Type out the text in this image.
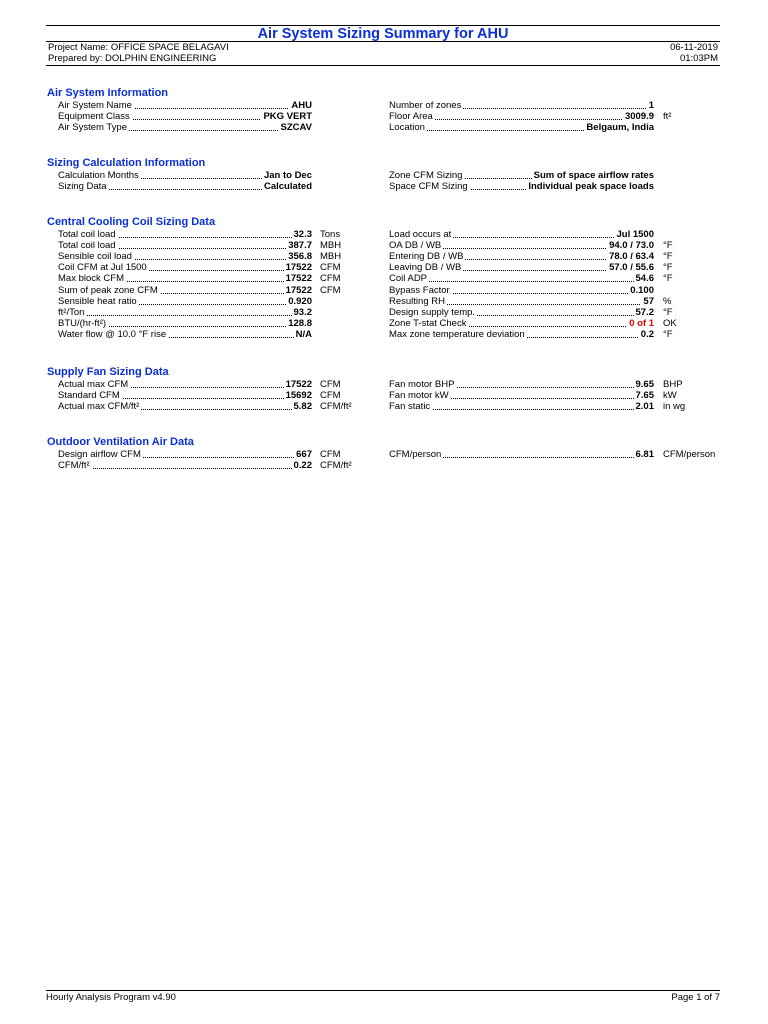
Air System Sizing Summary for AHU
Project Name: OFFICE SPACE BELAGAVI	06-11-2019
Prepared by: DOLPHIN ENGINEERING	01:03PM
Air System Information
Air System Name	AHU
Equipment Class	PKG VERT
Air System Type	SZCAV
Number of zones	1
Floor Area	3009.9 ft²
Location	Belgaum, India
Sizing Calculation Information
Calculation Months	Jan to Dec
Sizing Data	Calculated
Zone CFM Sizing	Sum of space airflow rates
Space CFM Sizing	Individual peak space loads
Central Cooling Coil Sizing Data
Total coil load	32.3 Tons
Total coil load	387.7 MBH
Sensible coil load	356.8 MBH
Coil CFM at Jul 1500	17522 CFM
Max block CFM	17522 CFM
Sum of peak zone CFM	17522 CFM
Sensible heat ratio	0.920
ft²/Ton	93.2
BTU/(hr-ft²)	128.8
Water flow @ 10.0 °F rise	N/A
Load occurs at	Jul 1500
OA DB / WB	94.0 / 73.0 °F
Entering DB / WB	78.0 / 63.4 °F
Leaving DB / WB	57.0 / 55.6 °F
Coil ADP	54.6 °F
Bypass Factor	0.100
Resulting RH	57 %
Design supply temp.	57.2 °F
Zone T-stat Check	0 of 1 OK
Max zone temperature deviation	0.2 °F
Supply Fan Sizing Data
Actual max CFM	17522 CFM
Standard CFM	15692 CFM
Actual max CFM/ft²	5.82 CFM/ft²
Fan motor BHP	9.65 BHP
Fan motor kW	7.65 kW
Fan static	2.01 in wg
Outdoor Ventilation Air Data
Design airflow CFM	667 CFM
CFM/ft²	0.22 CFM/ft²
CFM/person	6.81 CFM/person
Hourly Analysis Program v4.90	Page 1 of 7
